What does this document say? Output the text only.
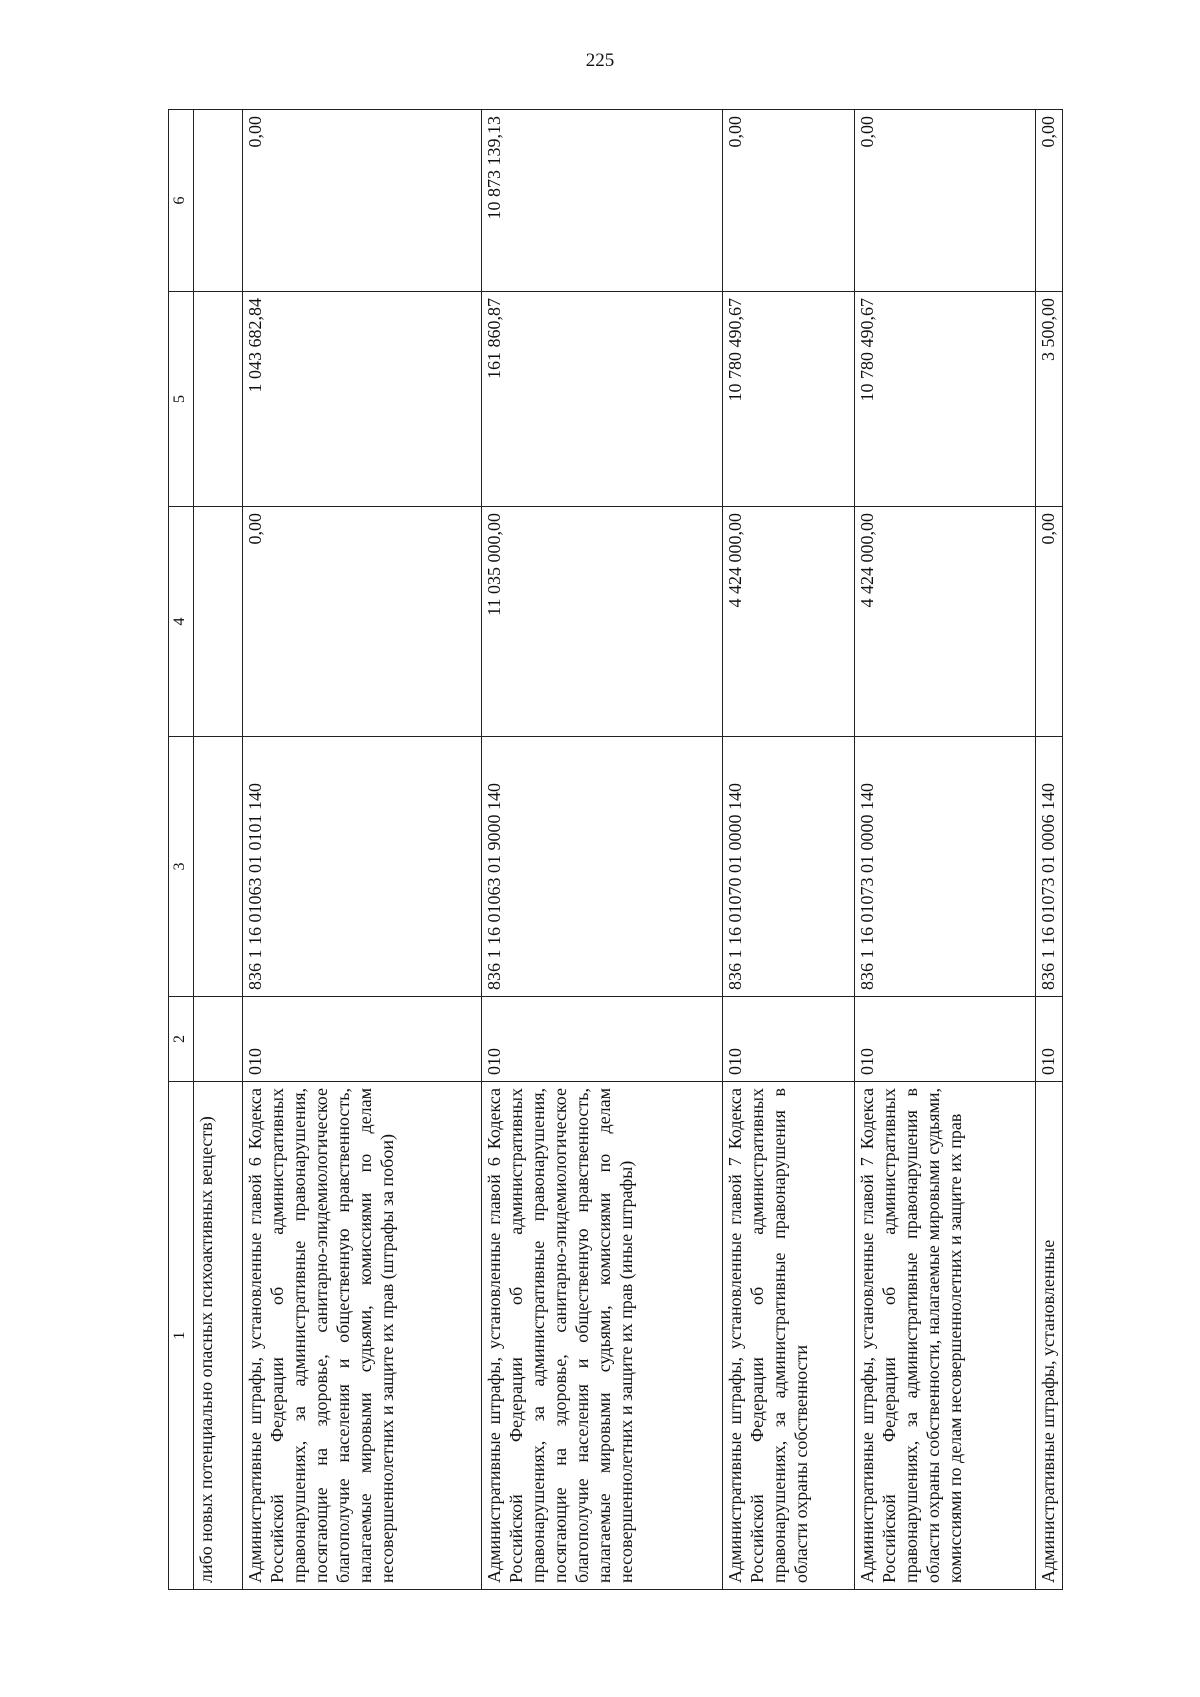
225
1	2	3	4	5	6
либо новых потенциально опасных психоактивных веществ)					
Административные штрафы, установленные главой 6 Кодекса Российской Федерации об административных правонарушениях, за административные правонарушения, посягающие на здоровье, санитарно-эпидемиологическое благополучие населения и общественную нравственность, налагаемые мировыми судьями, комиссиями по делам несовершеннолетних и защите их прав (штрафы за побои)	010	836 1 16 01063 01 0101 140	0,00	1 043 682,84	0,00
Административные штрафы, установленные главой 6 Кодекса Российской Федерации об административных правонарушениях, за административные правонарушения, посягающие на здоровье, санитарно-эпидемиологическое благополучие населения и общественную нравственность, налагаемые мировыми судьями, комиссиями по делам несовершеннолетних и защите их прав (иные штрафы)	010	836 1 16 01063 01 9000 140	11 035 000,00	161 860,87	10 873 139,13
Административные штрафы, установленные главой 7 Кодекса Российской Федерации об административных правонарушениях, за административные правонарушения в области охраны собственности	010	836 1 16 01070 01 0000 140	4 424 000,00	10 780 490,67	0,00
Административные штрафы, установленные главой 7 Кодекса Российской Федерации об административных правонарушениях, за административные правонарушения в области охраны собственности, налагаемые мировыми судьями, комиссиями по делам несовершеннолетних и защите их прав	010	836 1 16 01073 01 0000 140	4 424 000,00	10 780 490,67	0,00
Административные штрафы, установленные	010	836 1 16 01073 01 0006 140	0,00	3 500,00	0,00
